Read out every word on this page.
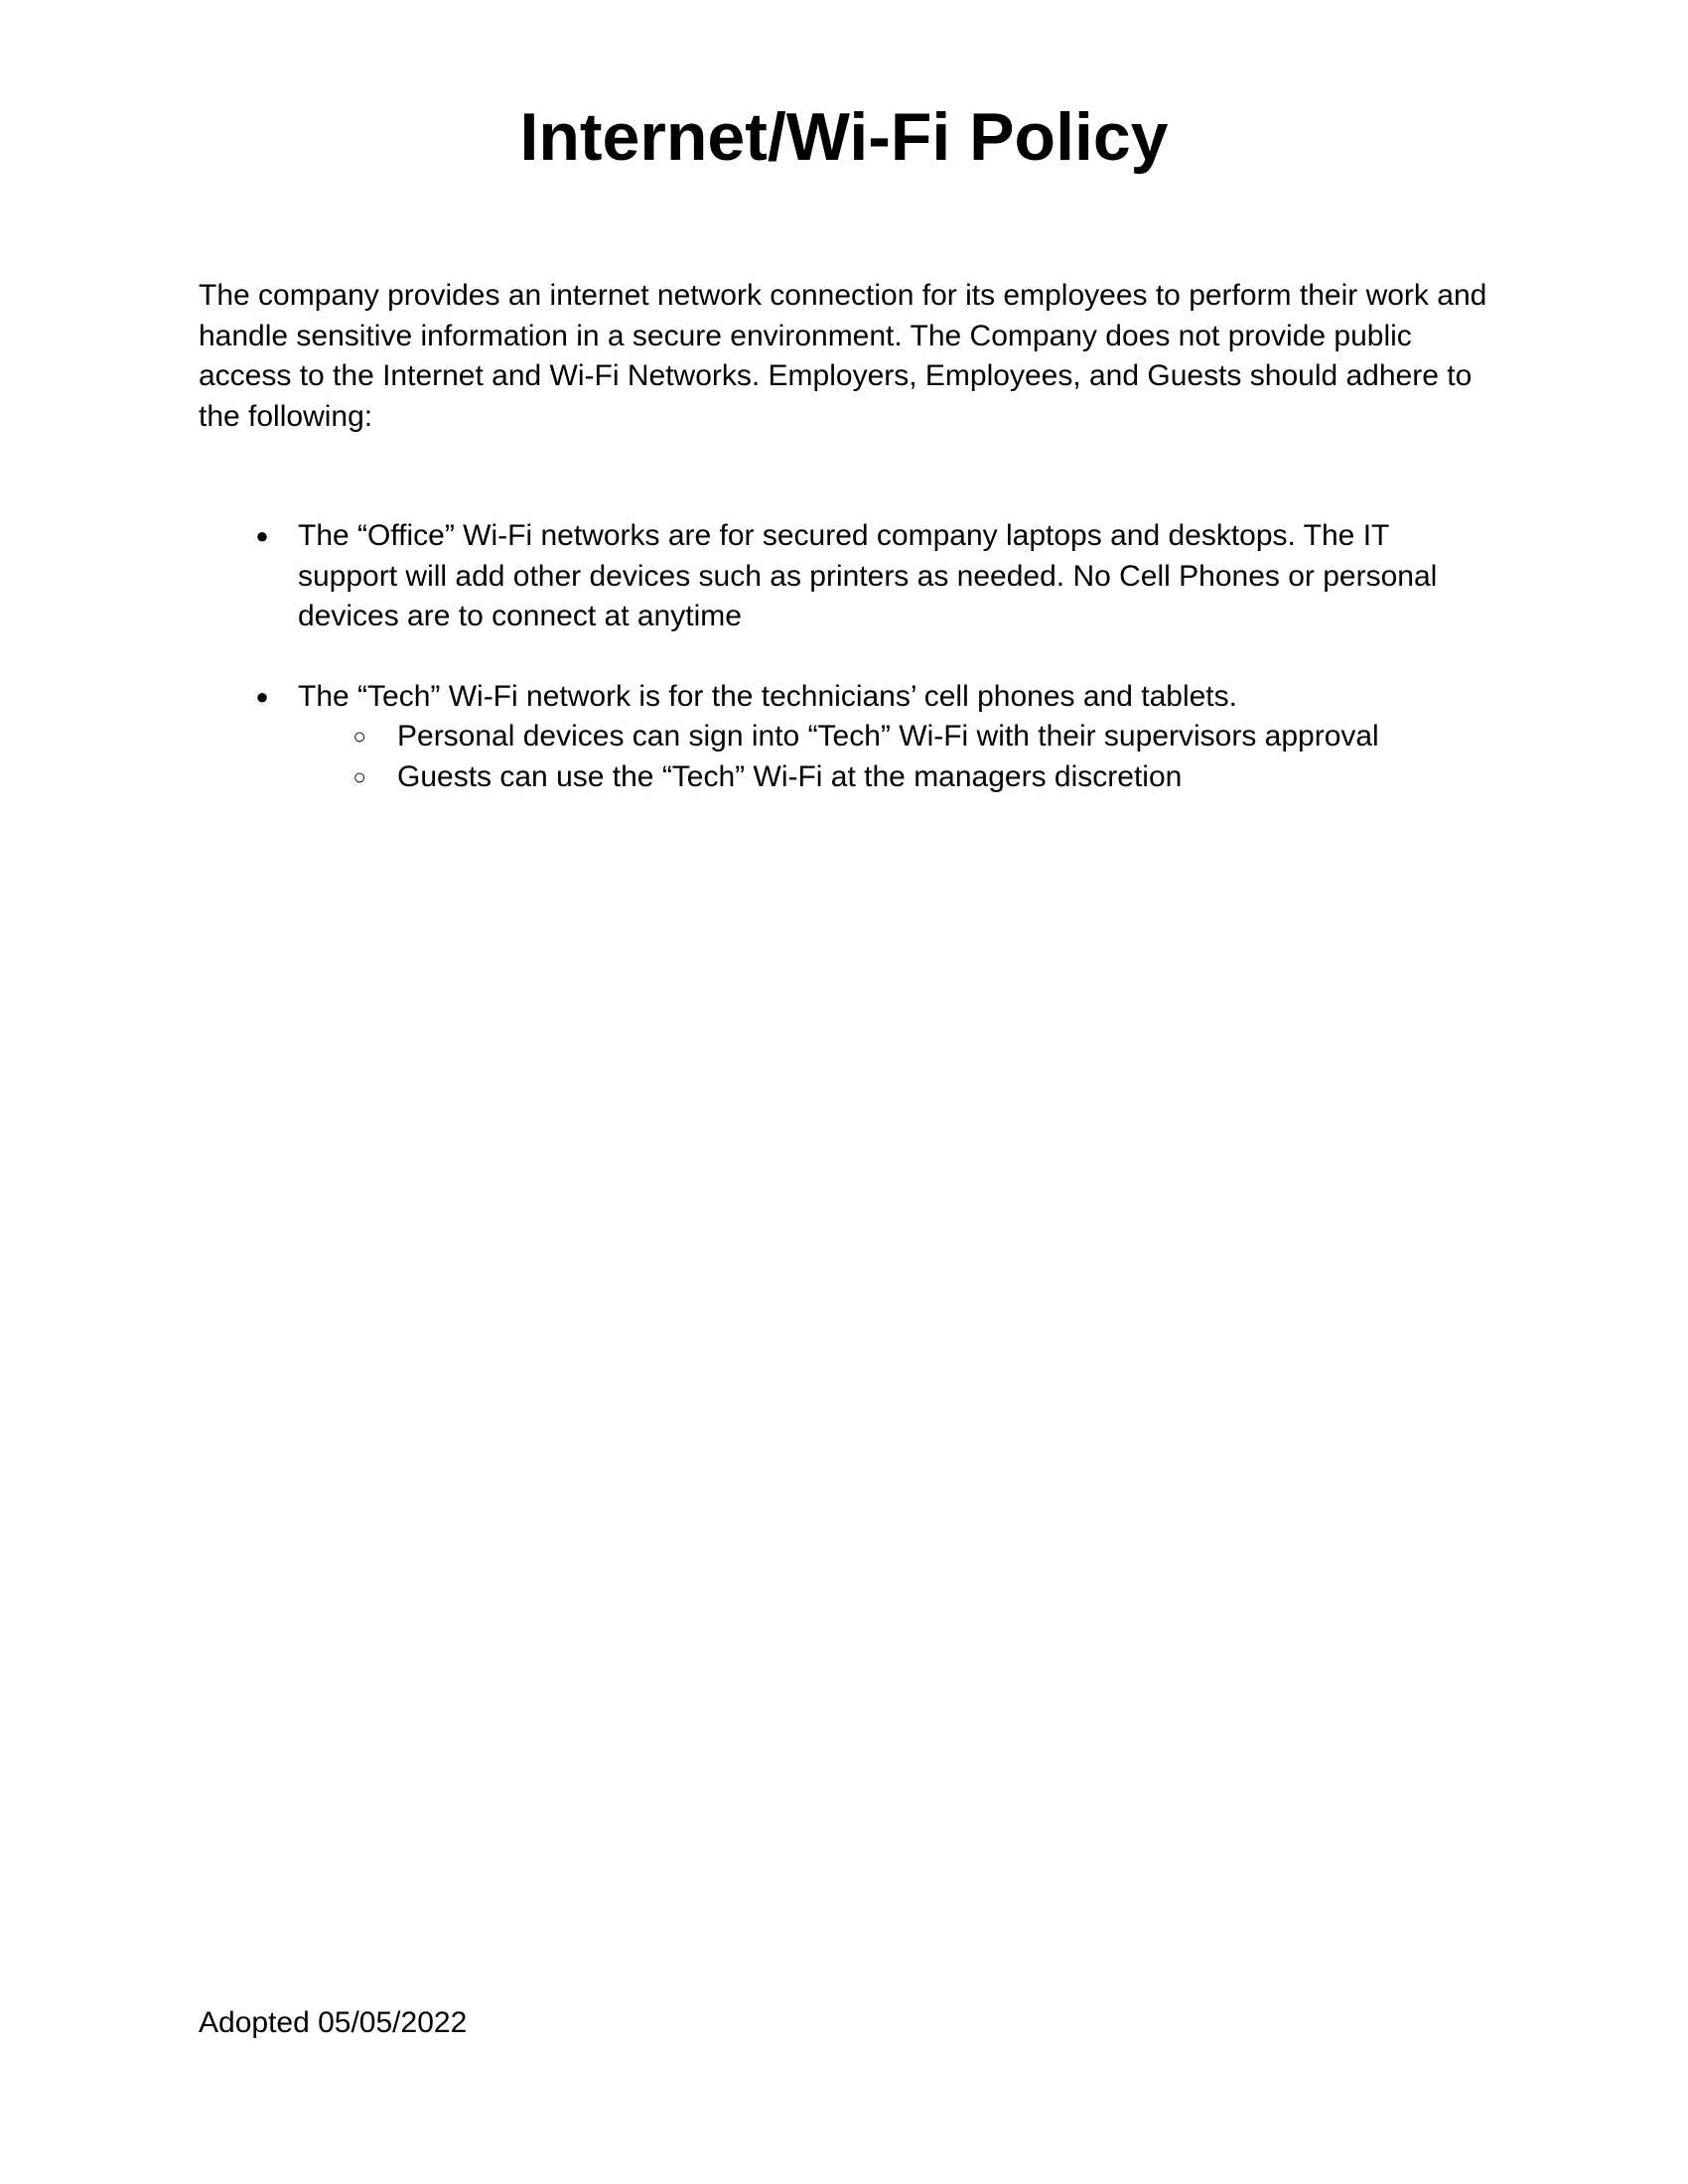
Internet/Wi-Fi Policy

The company provides an internet network connection for its employees to perform their work and handle sensitive information in a secure environment. The Company does not provide public access to the Internet and Wi-Fi Networks. Employers, Employees, and Guests should adhere to the following:

● The “Office” Wi-Fi networks are for secured company laptops and desktops. The IT support will add other devices such as printers as needed. No Cell Phones or personal devices are to connect at anytime
● The “Tech” Wi-Fi network is for the technicians’ cell phones and tablets.
○ Personal devices can sign into “Tech” Wi-Fi with their supervisors approval
○ Guests can use the “Tech” Wi-Fi at the managers discretion

Adopted 05/05/2022
